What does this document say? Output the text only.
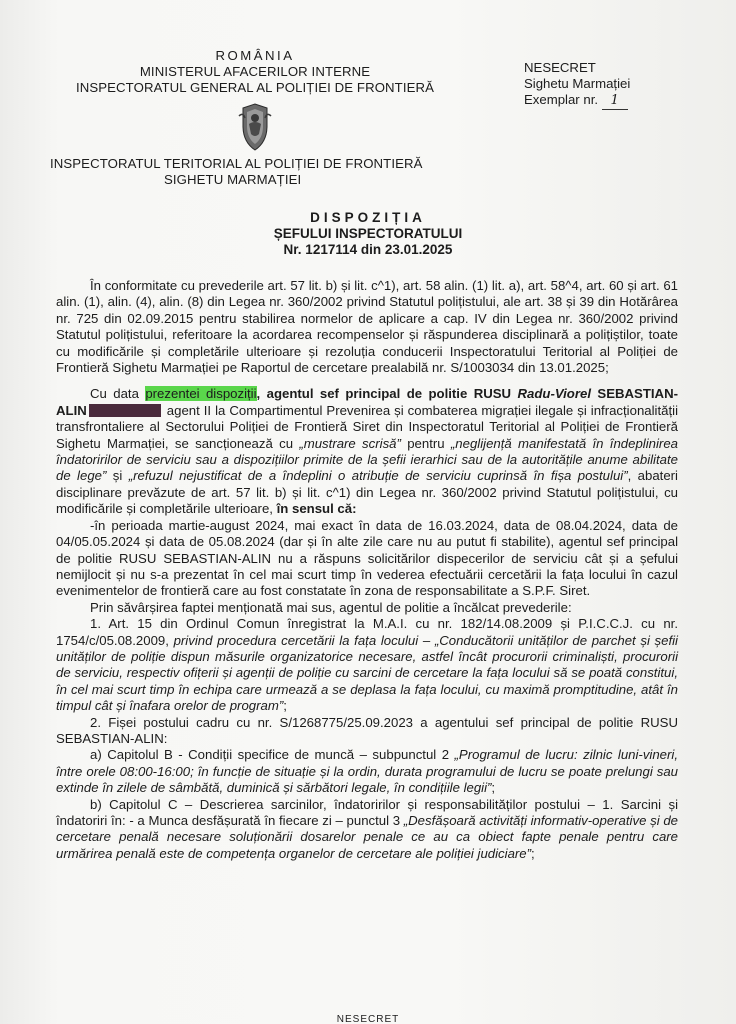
ROMÂNIA
MINISTERUL AFACERILOR INTERNE
INSPECTORATUL GENERAL AL POLIȚIEI DE FRONTIERĂ
INSPECTORATUL TERITORIAL AL POLIȚIEI DE FRONTIERĂ
SIGHETU MARMAȚIEI
NESECRET
Sighetu Marmației
Exemplar nr. 1
DISPOZIȚIA
ȘEFULUI INSPECTORATULUI
Nr. 1217114 din 23.01.2025

În conformitate cu prevederile art. 57 lit. b) și lit. c^1), art. 58 alin. (1) lit. a), art. 58^4, art. 60 și art. 61 alin. (1), alin. (4), alin. (8) din Legea nr. 360/2002 privind Statutul polițistului, ale art. 38 și 39 din Hotărârea nr. 725 din 02.09.2015 pentru stabilirea normelor de aplicare a cap. IV din Legea nr. 360/2002 privind Statutul polițistului, referitoare la acordarea recompenselor și răspunderea disciplinară a polițiștilor, toate cu modificările și completările ulterioare și rezoluția conducerii Inspectoratului Teritorial al Poliției de Frontieră Sighetu Marmației pe Raportul de cercetare prealabilă nr. S/1003034 din 13.01.2025;

Cu data prezentei dispoziții, agentul sef principal de politie RUSU Radu-Viorel SEBASTIAN-ALIN	agent II la Compartimentul Prevenirea și combaterea migrației ilegale și infracționalității transfrontaliere al Sectorului Poliției de Frontieră Siret din Inspectoratul Teritorial al Poliției de Frontieră Sighetu Marmației, se sancționează cu „mustrare scrisă” pentru „neglijență manifestată în îndeplinirea îndatoririlor de serviciu sau a dispozițiilor primite de la șefii ierarhici sau de la autoritățile anume abilitate de lege” și „refuzul nejustificat de a îndeplini o atribuție de serviciu cuprinsă în fișa postului”, abateri disciplinare prevăzute de art. 57 lit. b) și lit. c^1) din Legea nr. 360/2002 privind Statutul polițistului, cu modificările și completările ulterioare, în sensul că:

-în perioada martie-august 2024, mai exact în data de 16.03.2024, data de 08.04.2024, data de 04/05.05.2024 și data de 05.08.2024 (dar și în alte zile care nu au putut fi stabilite), agentul sef principal de politie RUSU SEBASTIAN-ALIN nu a răspuns solicitărilor dispecerilor de serviciu cât și a șefului nemijlocit și nu s-a prezentat în cel mai scurt timp în vederea efectuării cercetării la fața locului în cazul evenimentelor de frontieră care au fost constatate în zona de responsabilitate a S.P.F. Siret.

Prin săvârșirea faptei menționată mai sus, agentul de politie a încălcat prevederile:

1. Art. 15 din Ordinul Comun înregistrat la M.A.I. cu nr. 182/14.08.2009 și P.I.C.C.J. cu nr. 1754/c/05.08.2009, privind procedura cercetării la fața locului – „Conducătorii unităților de parchet și șefii unităților de poliție dispun măsurile organizatorice necesare, astfel încât procurorii criminaliști, procurorii de serviciu, respectiv ofițerii și agenții de poliție cu sarcini de cercetare la fața locului să se poată constitui, în cel mai scurt timp în echipa care urmează a se deplasa la fața locului, cu maximă promptitudine, atât în timpul cât și înafara orelor de program”;

2. Fișei postului cadru cu nr. S/1268775/25.09.2023 a agentului sef principal de politie RUSU SEBASTIAN-ALIN:

a) Capitolul B - Condiții specifice de muncă – subpunctul 2 „Programul de lucru: zilnic luni-vineri, între orele 08:00-16:00; în funcție de situație și la ordin, durata programului de lucru se poate prelungi sau extinde în zilele de sâmbătă, duminică și sărbători legale, în condițiile legii”;

b) Capitolul C – Descrierea sarcinilor, îndatoririlor și responsabilităților postului – 1. Sarcini și îndatoriri în: - a Munca desfășurată în fiecare zi – punctul 3 „Desfășoară activități informativ-operative și de cercetare penală necesare soluționării dosarelor penale ce au ca obiect fapte penale pentru care urmărirea penală este de competența organelor de cercetare ale poliției judiciare”;

NESECRET
